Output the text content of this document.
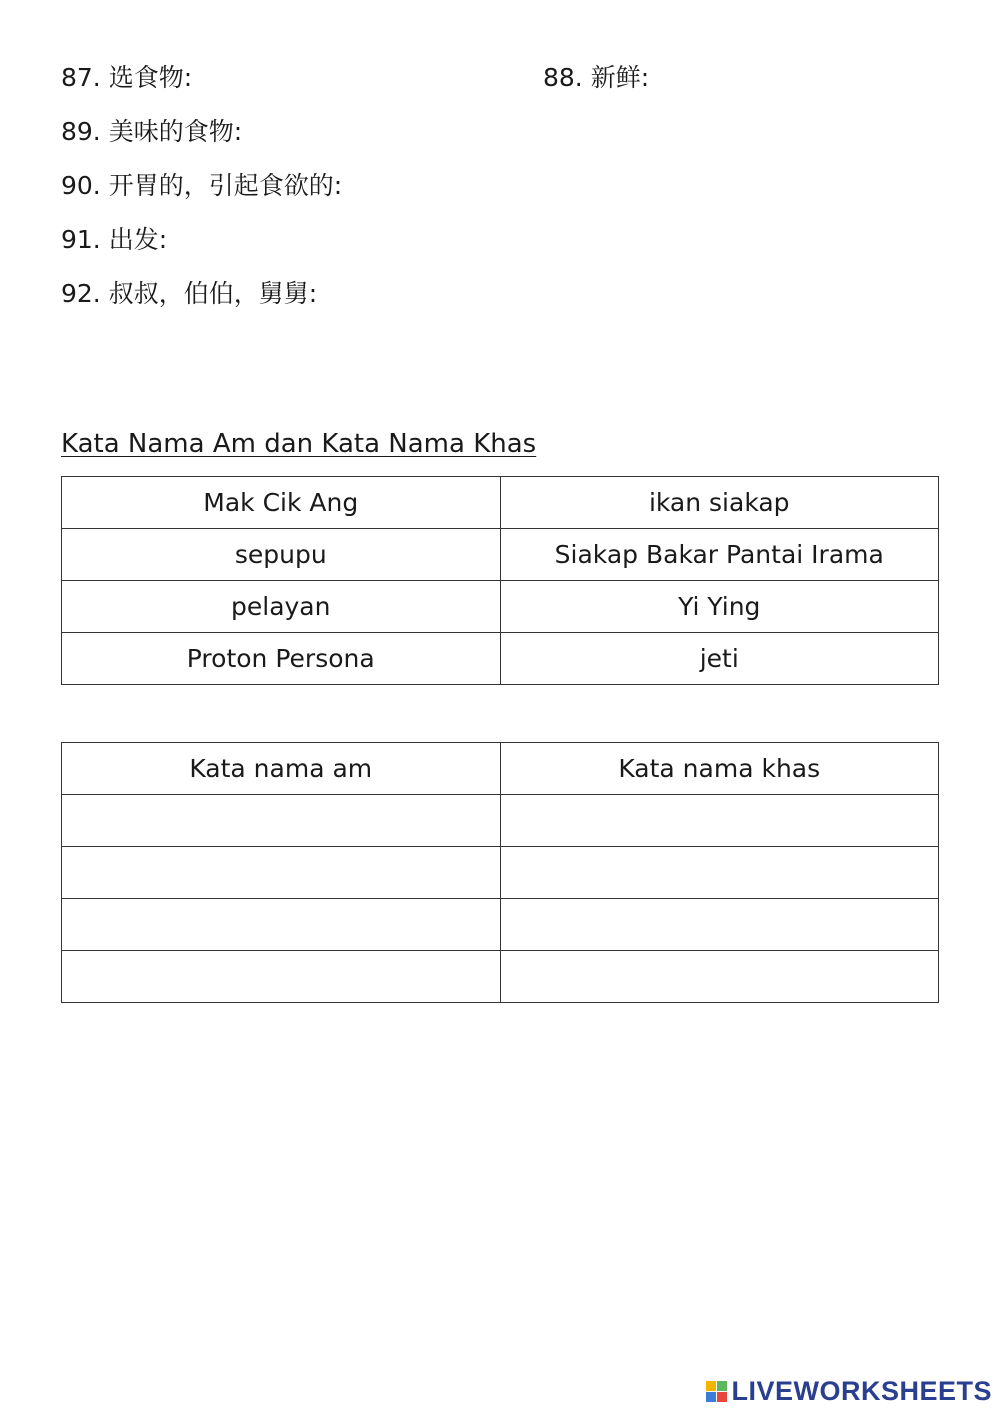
87. 选食物:	88. 新鲜:
89. 美味的食物:
90. 开胃的，引起食欲的:
91. 出发:
92. 叔叔，伯伯，舅舅:
Kata Nama Am dan Kata Nama Khas
Mak Cik Ang	ikan siakap
sepupu	Siakap Bakar Pantai Irama
pelayan	Yi Ying
Proton Persona	jeti
Kata nama am	Kata nama khas

LIVEWORKSHEETS
